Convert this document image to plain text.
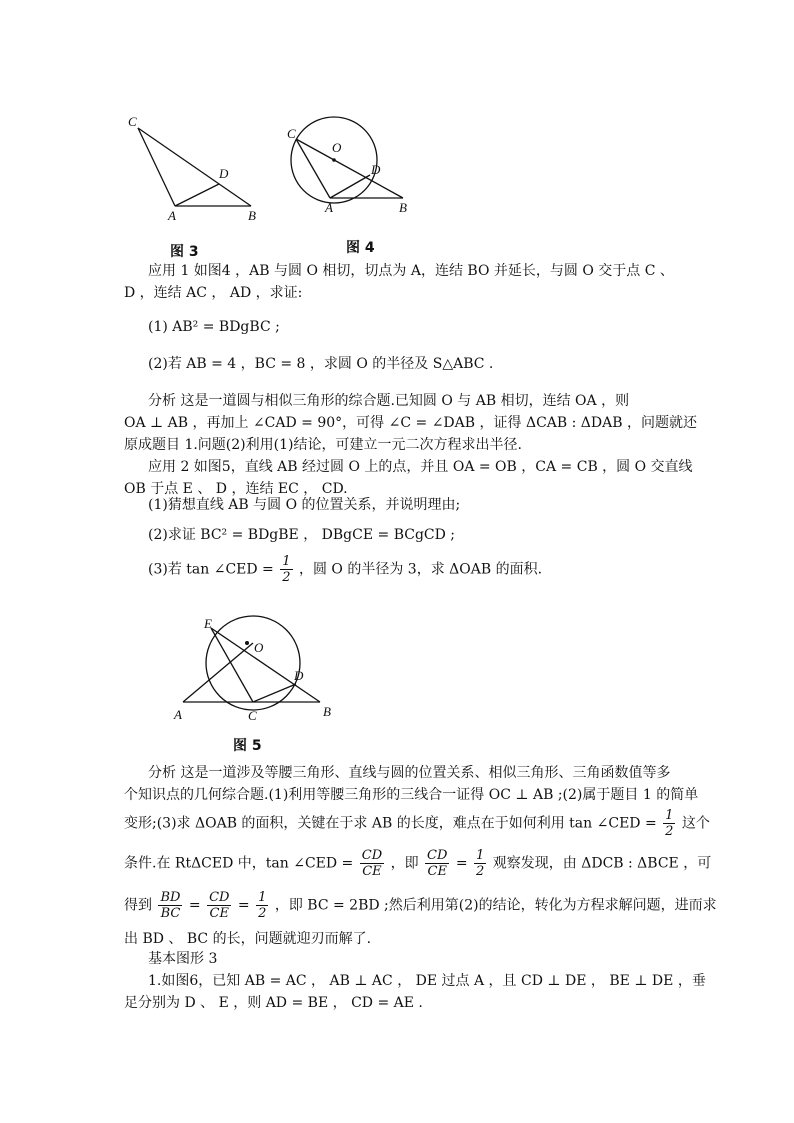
C
D
A	B
图 3
C
O
D
A	B
图 4
应用 1 如图4 ，AB 与圆 O 相切，切点为 A，连结 BO 并延长，与圆 O 交于点 C 、
D ，连结 AC ， AD ，求证:
(1) AB² = BDgBC ;
(2)若 AB = 4 ，BC = 8 ，求圆 O 的半径及 S△ABC .
分析 这是一道圆与相似三角形的综合题.已知圆 O 与 AB 相切，连结 OA ，则
OA ⊥ AB ，再加上 ∠CAD = 90°，可得 ∠C = ∠DAB ，证得 ΔCAB : ΔDAB ，问题就还
原成题目 1.问题(2)利用(1)结论，可建立一元二次方程求出半径.
应用 2 如图5，直线 AB 经过圆 O 上的点，并且 OA = OB ，CA = CB ，圆 O 交直线
OB 于点 E 、 D ，连结 EC ， CD.
(1)猜想直线 AB 与圆 O 的位置关系，并说明理由;
(2)求证 BC² = BDgBE ， DBgCE = BCgCD ;
(3)若 tan ∠CED = $\frac{1}{2}$ ，圆 O 的半径为 3，求 ΔOAB 的面积.
E
O
D
A	C	B
图 5
分析 这是一道涉及等腰三角形、直线与圆的位置关系、相似三角形、三角函数值等多
个知识点的几何综合题.(1)利用等腰三角形的三线合一证得 OC ⊥ AB ;(2)属于题目 1 的简单
变形;(3)求 ΔOAB 的面积，关键在于求 AB 的长度，难点在于如何利用 tan ∠CED = $\frac{1}{2}$ 这个
条件.在 RtΔCED 中，tan ∠CED = $\frac{CD}{CE}$ ，即 $\frac{CD}{CE} = \frac{1}{2}$ 观察发现，由 ΔDCB : ΔBCE ，可
得到 $\frac{BD}{BC} = \frac{CD}{CE} = \frac{1}{2}$ ，即 BC = 2BD ;然后利用第(2)的结论，转化为方程求解问题，进而求
出 BD 、 BC 的长，问题就迎刃而解了.
基本图形 3
1.如图6，已知 AB = AC ， AB ⊥ AC ， DE 过点 A ，且 CD ⊥ DE ， BE ⊥ DE ，垂
足分别为 D 、 E ，则 AD = BE ， CD = AE .
